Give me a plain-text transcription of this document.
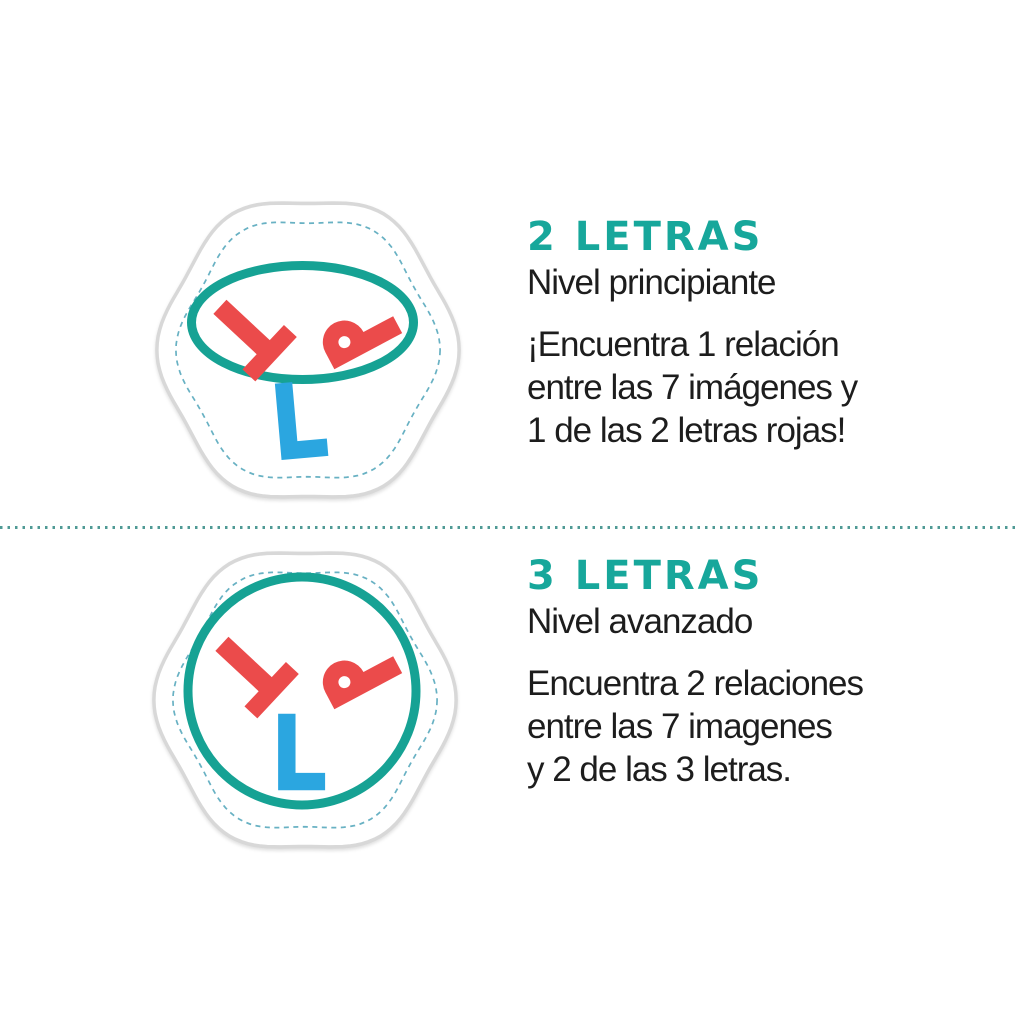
2 LETRAS
Nivel principiante
¡Encuentra 1 relación
entre las 7 imágenes y
1 de las 2 letras rojas!
3 LETRAS
Nivel avanzado
Encuentra 2 relaciones
entre las 7 imagenes
y 2 de las 3 letras.
